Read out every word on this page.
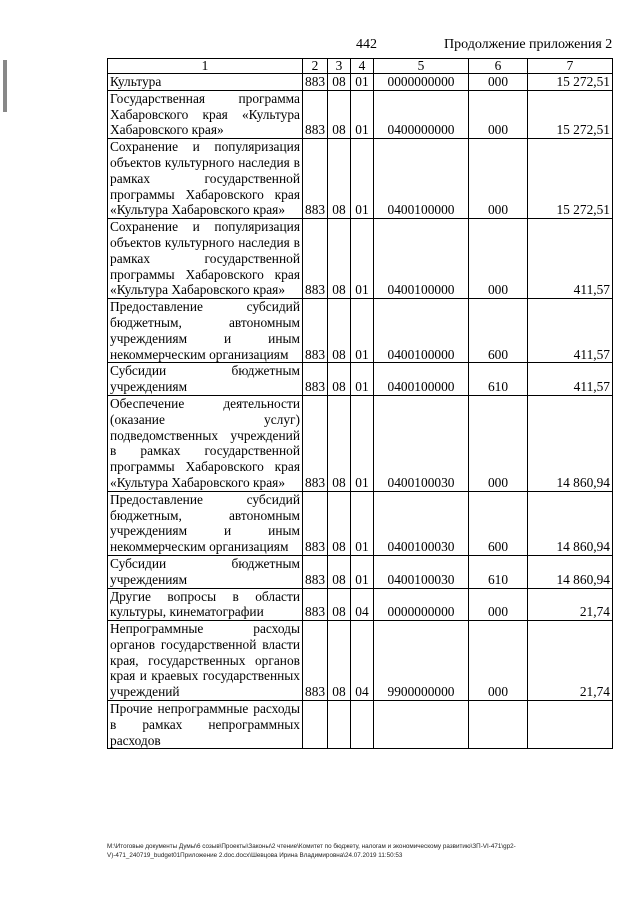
442	Продолжение приложения 2
1	2	3	4	5	6	7
Культура	883	08	01	0000000000	000	15 272,51
Государственная программа Хабаровского края «Культура Хабаровского края»	883	08	01	0400000000	000	15 272,51
Сохранение и популяризация объектов культурного наследия в рамках государственной программы Хабаровского края «Культура Хабаровского края»	883	08	01	0400100000	000	15 272,51
Сохранение и популяризация объектов культурного наследия в рамках государственной программы Хабаровского края «Культура Хабаровского края»	883	08	01	0400100000	000	411,57
Предоставление субсидий бюджетным, автономным учреждениям и иным некоммерческим организациям	883	08	01	0400100000	600	411,57
Субсидии бюджетным учреждениям	883	08	01	0400100000	610	411,57
Обеспечение деятельности (оказание услуг) подведомственных учреждений в рамках государственной программы Хабаровского края «Культура Хабаровского края»	883	08	01	0400100030	000	14 860,94
Предоставление субсидий бюджетным, автономным учреждениям и иным некоммерческим организациям	883	08	01	0400100030	600	14 860,94
Субсидии бюджетным учреждениям	883	08	01	0400100030	610	14 860,94
Другие вопросы в области культуры, кинематографии	883	08	04	0000000000	000	21,74
Непрограммные расходы органов государственной власти края, государственных органов края и краевых государственных учреждений	883	08	04	9900000000	000	21,74
Прочие непрограммные расходы в рамках непрограммных расходов						
M:\Итоговые документы Думы\6 созыв\Проекты\Законы\2 чтение\Комитет по бюджету, налогам и экономическому развитию\ЗП-VI-471\gp2-V)-471_240719_budget01Приложение 2.doc.docx\Шевцова Ирина Владимировна\24.07.2019 11:50:53
